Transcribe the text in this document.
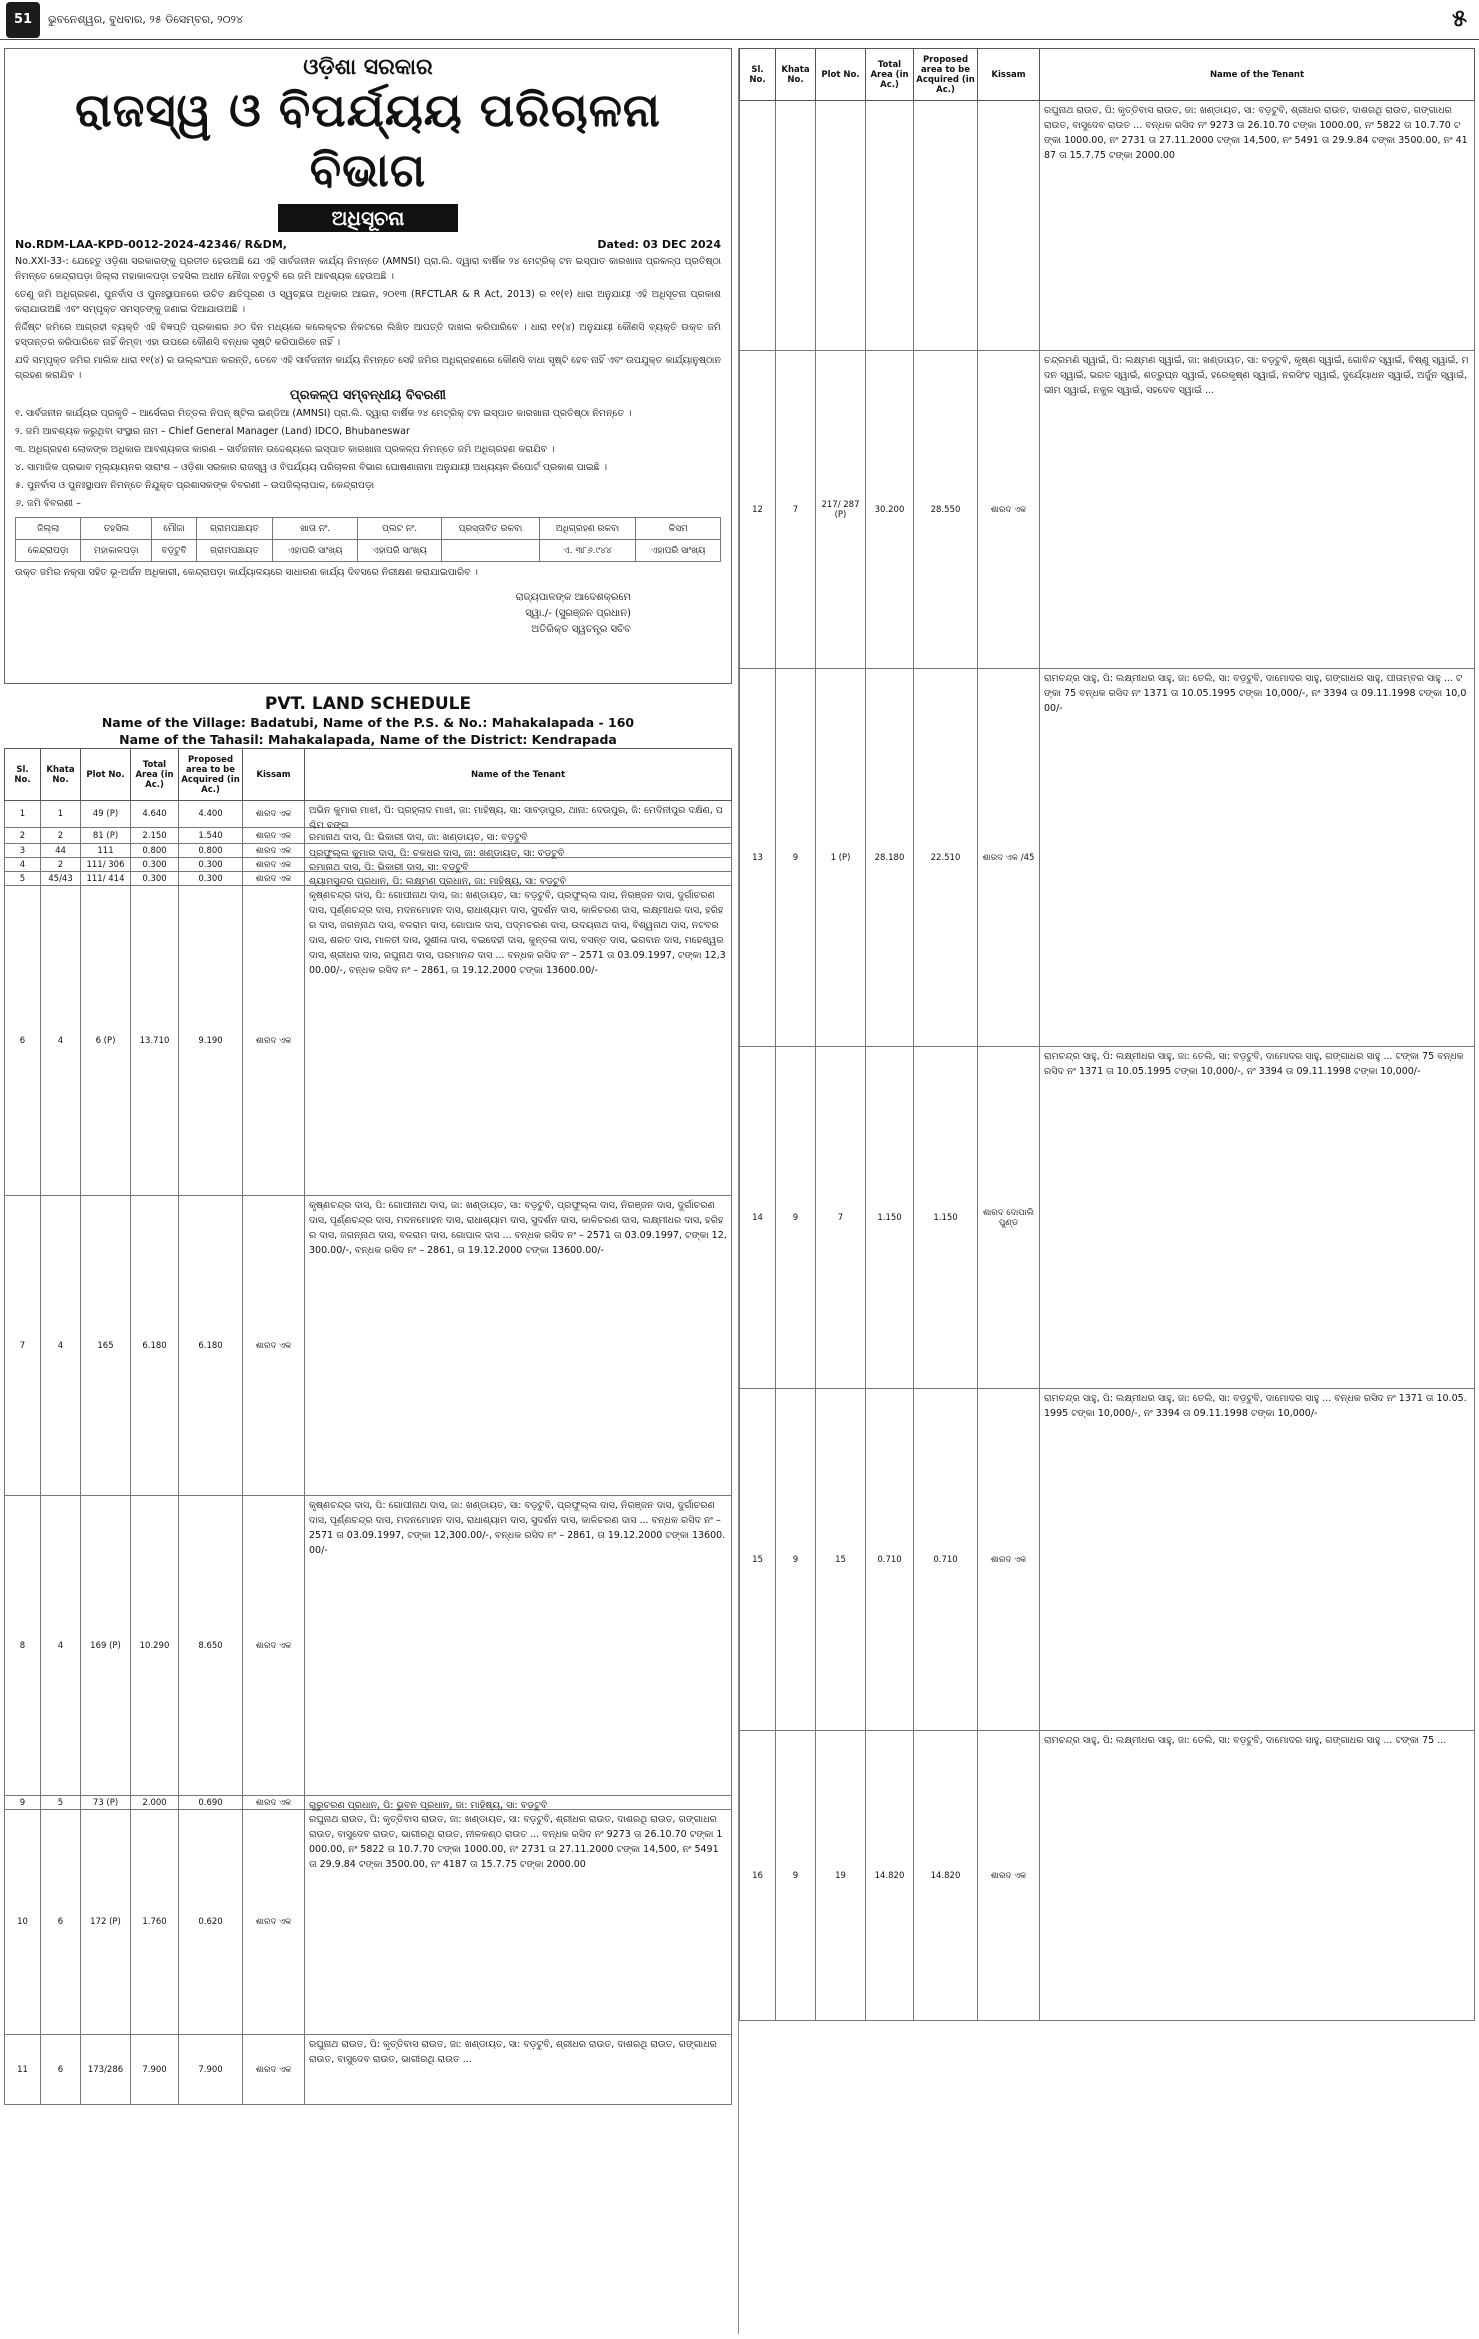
51	ଭୁବନେଶ୍ୱର, ବୁଧବାର, ୨୫ ଡିସେମ୍ବର, ୨୦୨୪	୫
ଓଡ଼ିଶା ସରକାର
ରାଜସ୍ୱ ଓ ବିପର୍ଯ୍ୟୟ ପରିଚାଳନା ବିଭାଗ
ଅଧିସୂଚନା
No.RDM-LAA-KPD-0012-2024-42346/ R&DM,	Dated: 03 DEC 2024
No.XXI-33-: ଯେହେତୁ ଓଡ଼ିଶା ସରକାରଙ୍କୁ ପ୍ରତୀତ ହେଉଅଛି ଯେ ଏହି ସାର୍ବଜନୀନ କାର୍ଯ୍ୟ ନିମନ୍ତେ (AMNSI) ପ୍ରା.ଲି. ଦ୍ୱାରା ବାର୍ଷିକ ୨୪ ମେଟ୍ରିକ୍ ଟନ ଇସ୍ପାତ କାରଖାନା ପ୍ରକଳ୍ପ ପ୍ରତିଷ୍ଠା ନିମନ୍ତେ କେନ୍ଦ୍ରାପଡ଼ା ଜିଲ୍ଲା ମହାକାଳପଡ଼ା ତହସିଲ ଅଧୀନ ମୌଜା ବଡ଼ଟୁବି ରେ ଜମି ଆବଶ୍ୟକ ହେଉଅଛି ।
ତେଣୁ ଜମି ଅଧିଗ୍ରହଣ, ପୁନର୍ବାସ ଓ ପୁନଃସ୍ଥାପନରେ ଉଚିତ କ୍ଷତିପୂରଣ ଓ ସ୍ୱଚ୍ଛତା ଅଧିକାର ଆଇନ, ୨୦୧୩ (RFCTLAR & R Act, 2013) ର ୧୧(୧) ଧାରା ଅନୁଯାୟୀ ଏହି ଅଧିସୂଚନା ପ୍ରକାଶ କରାଯାଉଅଛି ଏବଂ ସମ୍ପୃକ୍ତ ସମସ୍ତଙ୍କୁ ଜଣାଇ ଦିଆଯାଉଅଛି ।
ନିର୍ଦ୍ଦିଷ୍ଟ ଜମିରେ ଆଗ୍ରହୀ ବ୍ୟକ୍ତି ଏହି ବିଜ୍ଞପ୍ତି ପ୍ରକାଶର ୬୦ ଦିନ ମଧ୍ୟରେ କଲେକ୍ଟର ନିକଟରେ ଲିଖିତ ଆପତ୍ତି ଦାଖଲ କରିପାରିବେ । ଧାରା ୧୧(୪) ଅନୁଯାୟୀ କୌଣସି ବ୍ୟକ୍ତି ଉକ୍ତ ଜମି ହସ୍ତାନ୍ତର କରିପାରିବେ ନାହିଁ କିମ୍ବା ଏହା ଉପରେ କୌଣସି ବନ୍ଧକ ସୃଷ୍ଟି କରିପାରିବେ ନାହିଁ ।
ଯଦି ସମ୍ପୃକ୍ତ ଜମିର ମାଲିକ ଧାରା ୧୧(୪) ର ଉଲ୍ଲଂଘନ କରନ୍ତି, ତେବେ ଏହି ସାର୍ବଜନୀନ କାର୍ଯ୍ୟ ନିମନ୍ତେ ସେହି ଜମିର ଅଧିଗ୍ରହଣରେ କୌଣସି ବାଧା ସୃଷ୍ଟି ହେବ ନାହିଁ ଏବଂ ଉପଯୁକ୍ତ କାର୍ଯ୍ୟାନୁଷ୍ଠାନ ଗ୍ରହଣ କରାଯିବ ।
ପ୍ରକଳ୍ପ ସମ୍ବନ୍ଧୀୟ ବିବରଣୀ
୧. ସାର୍ବଜନୀନ କାର୍ଯ୍ୟର ପ୍ରକୃତି – ଆର୍ସେଲର ମିତ୍ତଲ ନିପନ୍ ଷ୍ଟିଲ ଇଣ୍ଡିଆ (AMNSI) ପ୍ରା.ଲି. ଦ୍ୱାରା ବାର୍ଷିକ ୨୪ ମେଟ୍ରିକ୍ ଟନ ଇସ୍ପାତ କାରଖାନା ପ୍ରତିଷ୍ଠା ନିମନ୍ତେ ।
୨. ଜମି ଆବଶ୍ୟକ କରୁଥିବା ସଂସ୍ଥାର ନାମ – Chief General Manager (Land) IDCO, Bhubaneswar
୩. ଅଧିଗ୍ରହଣ ଲୋକଙ୍କ ଅଧିକାର ଆବଶ୍ୟକତା କାରଣ – ସାର୍ବଜନୀନ ଉଦ୍ଦେଶ୍ୟରେ ଇସ୍ପାତ କାରଖାନା ପ୍ରକଳ୍ପ ନିମନ୍ତେ ଜମି ଅଧିଗ୍ରହଣ କରାଯିବ ।
୪. ସାମାଜିକ ପ୍ରଭାବ ମୂଲ୍ୟାୟନର ସାରାଂଶ – ଓଡ଼ିଶା ସରକାର ରାଜସ୍ୱ ଓ ବିପର୍ଯ୍ୟୟ ପରିଚାଳନା ବିଭାଗ ଘୋଷଣାନାମା ଅନୁଯାୟୀ ଅଧ୍ୟୟନ ରିପୋର୍ଟ ପ୍ରକାଶ ପାଇଛି ।
୫. ପୁନର୍ବାସ ଓ ପୁନଃସ୍ଥାପନ ନିମନ୍ତେ ନିଯୁକ୍ତ ପ୍ରଶାସକଙ୍କ ବିବରଣୀ – ଉପଜିଲ୍ଲାପାଳ, କେନ୍ଦ୍ରାପଡ଼ା
୬. ଜମି ବିବରଣୀ –
ଜିଲ୍ଲା	ତହସିଲ	ମୌଜା	ଗ୍ରାମପଞ୍ଚାୟତ	ଖାତା ନଂ.	ପ୍ଲଟ ନଂ.	ପ୍ରସ୍ତାବିତ ରକବା	ଅଧିଗ୍ରହଣ ରକବା	କିସମ
କେନ୍ଦ୍ରାପଡ଼ା	ମହାକାଳପଡ଼ା	ବଡ଼ଟୁବି	ଗ୍ରାମପଞ୍ଚାୟତ	ଏହାପରି ସାଂଖ୍ୟ	ଏହାପରି ସାଂଖ୍ୟ		ଏ. ୩୮୬.୯୪୪	ଏହାପରି ସାଂଖ୍ୟ
ଉକ୍ତ ଜମିର ନକ୍ସା ସହିତ ଭୂ-ଅର୍ଜନ ଅଧିକାରୀ, କେନ୍ଦ୍ରାପଡ଼ା କାର୍ଯ୍ୟାଳୟରେ ସାଧାରଣ କାର୍ଯ୍ୟ ଦିବସରେ ନିରୀକ୍ଷଣ କରାଯାଇପାରିବ ।
ରାଜ୍ୟପାଳଙ୍କ ଆଦେଶକ୍ରମେ
ସ୍ୱା./- (ସୁରଞ୍ଜନ ପ୍ରଧାନ)
ଅତିରିକ୍ତ ସ୍ୱତନ୍ତ୍ର ସଚିବ
PVT. LAND SCHEDULE
Name of the Village: Badatubi, Name of the P.S. & No.: Mahakalapada - 160
Name of the Tahasil: Mahakalapada, Name of the District: Kendrapada
Sl. No.	Khata No.	Plot No.	Total Area (in Ac.)	Proposed area to be Acquired (in Ac.)	Kissam	Name of the Tenant
1	1	49 (P)	4.640	4.400	ଶାରଦ ଏକ	ଅଭିନ କୁମାର ମାଝୀ, ପି: ପ୍ରହ୍ଲାଦ ମାଝୀ, ଜା: ମାହିଷ୍ୟ, ସା: ସାବଡ଼ାପୁର, ଥାନା: ଦେଉପୁର, ଜି: ମେଦିନୀପୁର ଦକ୍ଷିଣ, ପଶ୍ଚିମ ବଙ୍ଗ

2	2	81 (P)	2.150	1.540	ଶାରଦ ଏକ	ରମାନାଥ ଦାସ, ପି: ଭିକାରୀ ଦାସ, ଜା: ଖଣ୍ଡାୟତ, ସା: ବଡ଼ଟୁବି

3	44	111	0.800	0.800	ଶାରଦ ଏକ	ପ୍ରଫୁଲ୍ଲ କୁମାର ଦାସ, ପି: ଚକଧର ଦାସ, ଜା: ଖଣ୍ଡାୟତ, ସା: ବଡ଼ଟୁବି

4	2	111/ 306	0.300	0.300	ଶାରଦ ଏକ	ରମାନାଥ ଦାସ, ପି: ଭିକାରୀ ଦାସ, ସା: ବଡ଼ଟୁବି

5	45/43	111/ 414	0.300	0.300	ଶାରଦ ଏକ	ଶ୍ୟାମସୁନ୍ଦର ପ୍ରଧାନ, ପି: ଲକ୍ଷ୍ମଣ ପ୍ରଧାନ, ଜା: ମାହିଷ୍ୟ, ସା: ବଡ଼ଟୁବି

6	4	6 (P)	13.710	9.190	ଶାରଦ ଏକ	କୃଷ୍ଣଚନ୍ଦ୍ର ଦାସ, ପି: ଗୋପୀନାଥ ଦାସ, ଜା: ଖଣ୍ଡାୟତ, ସା: ବଡ଼ଟୁବି, ପ୍ରଫୁଲ୍ଲ ଦାସ, ନିରଞ୍ଜନ ଦାସ, ଦୁର୍ଗାଚରଣ ଦାସ, ପୂର୍ଣ୍ଣଚନ୍ଦ୍ର ଦାସ, ମଦନମୋହନ ଦାସ, ରାଧାଶ୍ୟାମ ଦାସ, ସୁଦର୍ଶନ ଦାସ, କାଳିଚରଣ ଦାସ, ଲକ୍ଷ୍ମୀଧର ଦାସ, ହରିହର ଦାସ, ଜଗନ୍ନାଥ ଦାସ, ବଳରାମ ଦାସ, ଗୋପାଳ ଦାସ, ପଦ୍ମଚରଣ ଦାସ, ଉଦୟନାଥ ଦାସ, ବିଶ୍ୱନାଥ ଦାସ, ନଟବର ଦାସ, ଶରତ ଦାସ, ମାଳତୀ ଦାସ, ସୁଶୀଳା ଦାସ, ବଇଦେହୀ ଦାସ, କୁନ୍ତଳା ଦାସ, ବସନ୍ତ ଦାସ, ଭଗବାନ ଦାସ, ମହେଶ୍ୱର ଦାସ, ଶ୍ରୀଧର ଦାସ, ରଘୁନାଥ ଦାସ, ପରମାନନ୍ଦ ଦାସ ... ବନ୍ଧକ ରସିଦ ନଂ – 2571 ତା 03.09.1997, ଟଙ୍କା 12,300.00/-, ବନ୍ଧକ ରସିଦ ନଂ – 2861, ତା 19.12.2000 ଟଙ୍କା 13600.00/-

7	4	165	6.180	6.180	ଶାରଦ ଏକ	କୃଷ୍ଣଚନ୍ଦ୍ର ଦାସ, ପି: ଗୋପୀନାଥ ଦାସ, ଜା: ଖଣ୍ଡାୟତ, ସା: ବଡ଼ଟୁବି, ପ୍ରଫୁଲ୍ଲ ଦାସ, ନିରଞ୍ଜନ ଦାସ, ଦୁର୍ଗାଚରଣ ଦାସ, ପୂର୍ଣ୍ଣଚନ୍ଦ୍ର ଦାସ, ମଦନମୋହନ ଦାସ, ରାଧାଶ୍ୟାମ ଦାସ, ସୁଦର୍ଶନ ଦାସ, କାଳିଚରଣ ଦାସ, ଲକ୍ଷ୍ମୀଧର ଦାସ, ହରିହର ଦାସ, ଜଗନ୍ନାଥ ଦାସ, ବଳରାମ ଦାସ, ଗୋପାଳ ଦାସ ... ବନ୍ଧକ ରସିଦ ନଂ – 2571 ତା 03.09.1997, ଟଙ୍କା 12,300.00/-, ବନ୍ଧକ ରସିଦ ନଂ – 2861, ତା 19.12.2000 ଟଙ୍କା 13600.00/-

8	4	169 (P)	10.290	8.650	ଶାରଦ ଏକ	କୃଷ୍ଣଚନ୍ଦ୍ର ଦାସ, ପି: ଗୋପୀନାଥ ଦାସ, ଜା: ଖଣ୍ଡାୟତ, ସା: ବଡ଼ଟୁବି, ପ୍ରଫୁଲ୍ଲ ଦାସ, ନିରଞ୍ଜନ ଦାସ, ଦୁର୍ଗାଚରଣ ଦାସ, ପୂର୍ଣ୍ଣଚନ୍ଦ୍ର ଦାସ, ମଦନମୋହନ ଦାସ, ରାଧାଶ୍ୟାମ ଦାସ, ସୁଦର୍ଶନ ଦାସ, କାଳିଚରଣ ଦାସ ... ବନ୍ଧକ ରସିଦ ନଂ – 2571 ତା 03.09.1997, ଟଙ୍କା 12,300.00/-, ବନ୍ଧକ ରସିଦ ନଂ – 2861, ତା 19.12.2000 ଟଙ୍କା 13600.00/-

9	5	73 (P)	2.000	0.690	ଶାରଦ ଏକ	ଗୁରୁଚରଣ ପ୍ରଧାନ, ପି: ଭୁବନ ପ୍ରଧାନ, ଜା: ମାହିଷ୍ୟ, ସା: ବଡ଼ଟୁବି

10	6	172 (P)	1.760	0.620	ଶାରଦ ଏକ	ରଘୁନାଥ ରାଉତ, ପି: କୃତ୍ତିବାସ ରାଉତ, ଜା: ଖଣ୍ଡାୟତ, ସା: ବଡ଼ଟୁବି, ଶ୍ରୀଧର ରାଉତ, ଦାଶରଥି ରାଉତ, ଗଙ୍ଗାଧର ରାଉତ, ବାସୁଦେବ ରାଉତ, ଭାଗୀରଥି ରାଉତ, ନୀଳକଣ୍ଠ ରାଉତ ... ବନ୍ଧକ ରସିଦ ନଂ 9273 ତା 26.10.70 ଟଙ୍କା 1000.00, ନଂ 5822 ତା 10.7.70 ଟଙ୍କା 1000.00, ନଂ 2731 ତା 27.11.2000 ଟଙ୍କା 14,500, ନଂ 5491 ତା 29.9.84 ଟଙ୍କା 3500.00, ନଂ 4187 ତା 15.7.75 ଟଙ୍କା 2000.00

11	6	173/286	7.900	7.900	ଶାରଦ ଏକ	ରଘୁନାଥ ରାଉତ, ପି: କୃତ୍ତିବାସ ରାଉତ, ଜା: ଖଣ୍ଡାୟତ, ସା: ବଡ଼ଟୁବି, ଶ୍ରୀଧର ରାଉତ, ଦାଶରଥି ରାଉତ, ଗଙ୍ଗାଧର ରାଉତ, ବାସୁଦେବ ରାଉତ, ଭାଗୀରଥି ରାଉତ ...
Sl. No.	Khata No.	Plot No.	Total Area (in Ac.)	Proposed area to be Acquired (in Ac.)	Kissam	Name of the Tenant

						ରଘୁନାଥ ରାଉତ, ପି: କୃତ୍ତିବାସ ରାଉତ, ଜା: ଖଣ୍ଡାୟତ, ସା: ବଡ଼ଟୁବି, ଶ୍ରୀଧର ରାଉତ, ଦାଶରଥି ରାଉତ, ଗଙ୍ଗାଧର ରାଉତ, ବାସୁଦେବ ରାଉତ ... ବନ୍ଧକ ରସିଦ ନଂ 9273 ତା 26.10.70 ଟଙ୍କା 1000.00, ନଂ 5822 ତା 10.7.70 ଟଙ୍କା 1000.00, ନଂ 2731 ତା 27.11.2000 ଟଙ୍କା 14,500, ନଂ 5491 ତା 29.9.84 ଟଙ୍କା 3500.00, ନଂ 4187 ତା 15.7.75 ଟଙ୍କା 2000.00

12	7	217/ 287 (P)	30.200	28.550	ଶାରଦ ଏକ	ଚନ୍ଦ୍ରମଣି ସ୍ୱାଇଁ, ପି: ଲକ୍ଷ୍ମଣ ସ୍ୱାଇଁ, ଜା: ଖଣ୍ଡାୟତ, ସା: ବଡ଼ଟୁବି, କୃଷ୍ଣ ସ୍ୱାଇଁ, ଗୋବିନ୍ଦ ସ୍ୱାଇଁ, ବିଷ୍ଣୁ ସ୍ୱାଇଁ, ମଦନ ସ୍ୱାଇଁ, ଭରତ ସ୍ୱାଇଁ, ଶତ୍ରୁଘ୍ନ ସ୍ୱାଇଁ, ହରେକୃଷ୍ଣ ସ୍ୱାଇଁ, ନରସିଂହ ସ୍ୱାଇଁ, ଦୁର୍ଯ୍ୟୋଧନ ସ୍ୱାଇଁ, ଅର୍ଜୁନ ସ୍ୱାଇଁ, ଭୀମ ସ୍ୱାଇଁ, ନକୁଳ ସ୍ୱାଇଁ, ସହଦେବ ସ୍ୱାଇଁ ...

13	9	1 (P)	28.180	22.510	ଶାରଦ ଏକ /45	ରାମଚନ୍ଦ୍ର ସାହୁ, ପି: ଲକ୍ଷ୍ମୀଧର ସାହୁ, ଜା: ତେଲି, ସା: ବଡ଼ଟୁବି, ଦାମୋଦର ସାହୁ, ଗଙ୍ଗାଧର ସାହୁ, ପୀତାମ୍ବର ସାହୁ ... ଟଙ୍କା 75 ବନ୍ଧକ ରସିଦ ନଂ 1371 ତା 10.05.1995 ଟଙ୍କା 10,000/-, ନଂ 3394 ତା 09.11.1998 ଟଙ୍କା 10,000/-

14	9	7	1.150	1.150	ଶାରଦ ଦୋପାଲି ପୁଣ୍ଡ	ରାମଚନ୍ଦ୍ର ସାହୁ, ପି: ଲକ୍ଷ୍ମୀଧର ସାହୁ, ଜା: ତେଲି, ସା: ବଡ଼ଟୁବି, ଦାମୋଦର ସାହୁ, ଗଙ୍ଗାଧର ସାହୁ ... ଟଙ୍କା 75 ବନ୍ଧକ ରସିଦ ନଂ 1371 ତା 10.05.1995 ଟଙ୍କା 10,000/-, ନଂ 3394 ତା 09.11.1998 ଟଙ୍କା 10,000/-

15	9	15	0.710	0.710	ଶାରଦ ଏକ	ରାମଚନ୍ଦ୍ର ସାହୁ, ପି: ଲକ୍ଷ୍ମୀଧର ସାହୁ, ଜା: ତେଲି, ସା: ବଡ଼ଟୁବି, ଦାମୋଦର ସାହୁ ... ବନ୍ଧକ ରସିଦ ନଂ 1371 ତା 10.05.1995 ଟଙ୍କା 10,000/-, ନଂ 3394 ତା 09.11.1998 ଟଙ୍କା 10,000/-

16	9	19	14.820	14.820	ଶାରଦ ଏକ	ରାମଚନ୍ଦ୍ର ସାହୁ, ପି: ଲକ୍ଷ୍ମୀଧର ସାହୁ, ଜା: ତେଲି, ସା: ବଡ଼ଟୁବି, ଦାମୋଦର ସାହୁ, ଗଙ୍ଗାଧର ସାହୁ ... ଟଙ୍କା 75 ...
